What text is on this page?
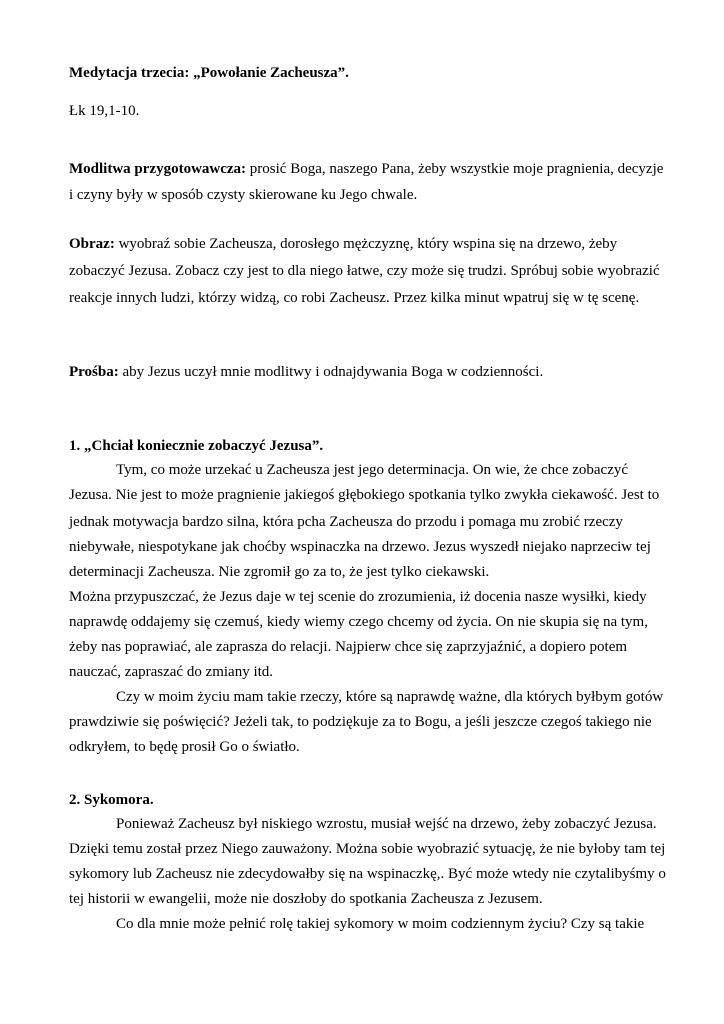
Medytacja trzecia: „Powołanie Zacheusza”.
Łk 19,1-10.
Modlitwa przygotowawcza: prosić Boga, naszego Pana, żeby wszystkie moje pragnienia, decyzje
i czyny były w sposób czysty skierowane ku Jego chwale.
Obraz: wyobraź sobie Zacheusza, dorosłego mężczyznę, który wspina się na drzewo, żeby
zobaczyć Jezusa. Zobacz czy jest to dla niego łatwe, czy może się trudzi. Spróbuj sobie wyobrazić
reakcje innych ludzi, którzy widzą, co robi Zacheusz. Przez kilka minut wpatruj się w tę scenę.
Prośba: aby Jezus uczył mnie modlitwy i odnajdywania Boga w codzienności.
1. „Chciał koniecznie zobaczyć Jezusa”.
Tym, co może urzekać u Zacheusza jest jego determinacja. On wie, że chce zobaczyć
Jezusa. Nie jest to może pragnienie jakiegoś głębokiego spotkania tylko zwykła ciekawość. Jest to
jednak motywacja bardzo silna, która pcha Zacheusza do przodu i pomaga mu zrobić rzeczy
niebywałe, niespotykane jak choćby wspinaczka na drzewo. Jezus wyszedł niejako naprzeciw tej
determinacji Zacheusza. Nie zgromił go za to, że jest tylko ciekawski.
Można przypuszczać, że Jezus daje w tej scenie do zrozumienia, iż docenia nasze wysiłki, kiedy
naprawdę oddajemy się czemuś, kiedy wiemy czego chcemy od życia. On nie skupia się na tym,
żeby nas poprawiać, ale zaprasza do relacji. Najpierw chce się zaprzyjaźnić, a dopiero potem
nauczać, zapraszać do zmiany itd.
Czy w moim życiu mam takie rzeczy, które są naprawdę ważne, dla których byłbym gotów
prawdziwie się poświęcić? Jeżeli tak, to podziękuje za to Bogu, a jeśli jeszcze czegoś takiego nie
odkryłem, to będę prosił Go o światło.
2. Sykomora.
Ponieważ Zacheusz był niskiego wzrostu, musiał wejść na drzewo, żeby zobaczyć Jezusa.
Dzięki temu został przez Niego zauważony. Można sobie wyobrazić sytuację, że nie byłoby tam tej
sykomory lub Zacheusz nie zdecydowałby się na wspinaczkę,. Być może wtedy nie czytalibyśmy o
tej historii w ewangelii, może nie doszłoby do spotkania Zacheusza z Jezusem.
Co dla mnie może pełnić rolę takiej sykomory w moim codziennym życiu? Czy są takie
